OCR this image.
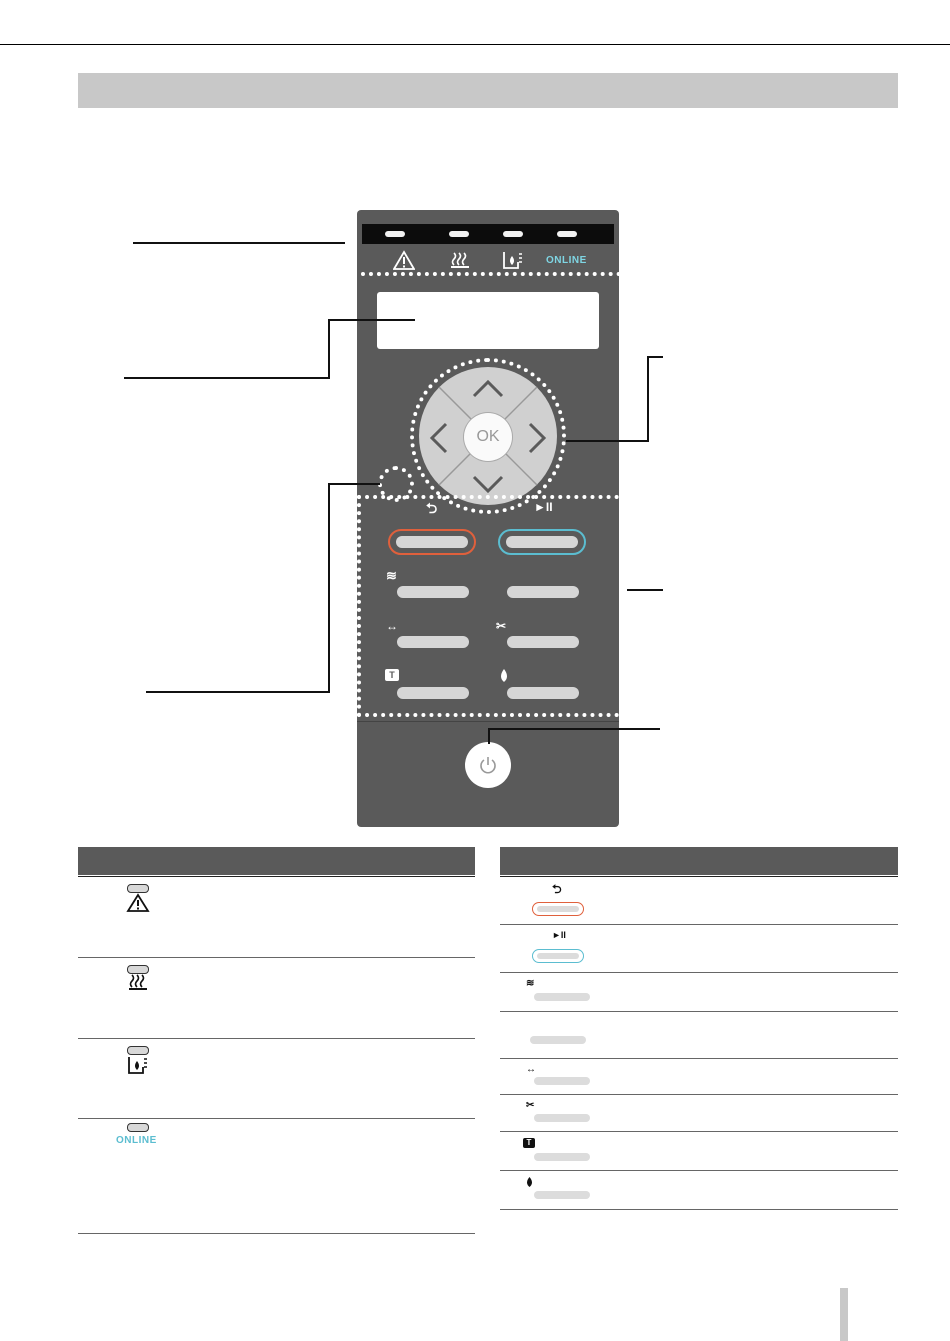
ONLINE
OK
⮌	►II
≋
↔	✂
T
ONLINE
⮌
►II
≋
↔
✂
T
